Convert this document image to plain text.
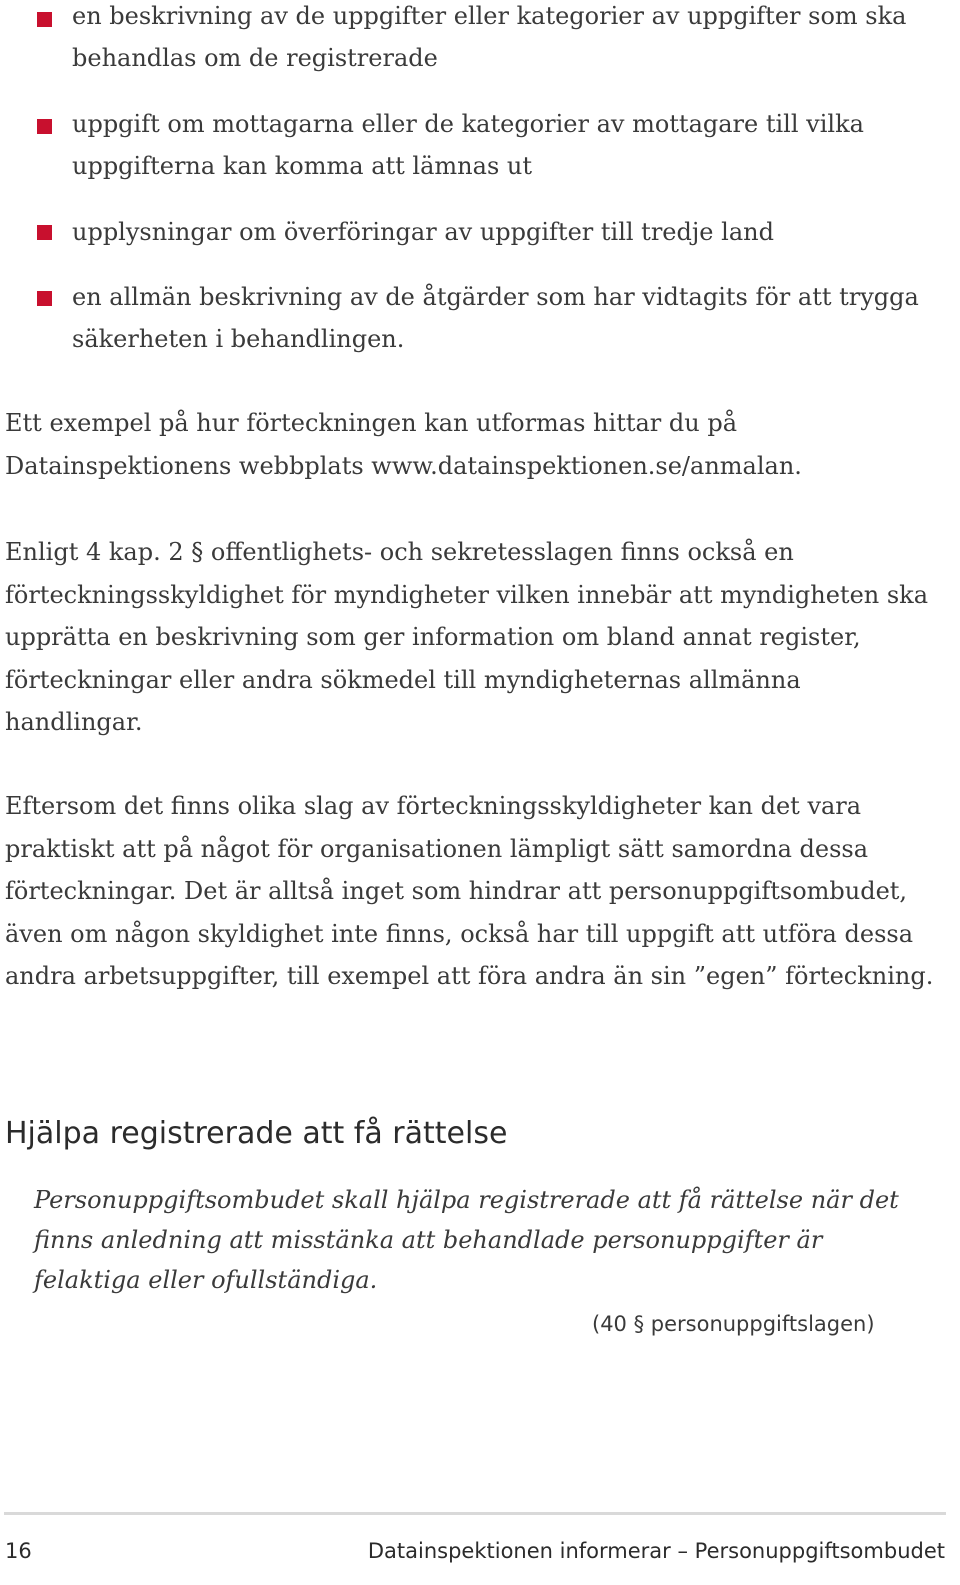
en beskrivning av de uppgifter eller kategorier av uppgifter som ska behandlas om de registrerade
uppgift om mottagarna eller de kategorier av mottagare till vilka uppgifterna kan komma att lämnas ut
upplysningar om överföringar av uppgifter till tredje land
en allmän beskrivning av de åtgärder som har vidtagits för att trygga säkerheten i behandlingen.
Ett exempel på hur förteckningen kan utformas hittar du på Datainspektionens webbplats www.datainspektionen.se/anmalan.
Enligt 4 kap. 2 § offentlighets- och sekretesslagen finns också en förteckningsskyldighet för myndigheter vilken innebär att myndigheten ska upprätta en beskrivning som ger information om bland annat register, förteckningar eller andra sökmedel till myndigheternas allmänna handlingar.
Eftersom det finns olika slag av förteckningsskyldigheter kan det vara praktiskt att på något för organisationen lämpligt sätt samordna dessa förteckningar. Det är alltså inget som hindrar att personuppgiftsombudet, även om någon skyldighet inte finns, också har till uppgift att utföra dessa andra arbetsuppgifter, till exempel att föra andra än sin ”egen” förteckning.
Hjälpa registrerade att få rättelse
Personuppgiftsombudet skall hjälpa registrerade att få rättelse när det finns anledning att misstänka att behandlade personuppgifter är felaktiga eller ofullständiga.
(40 § personuppgiftslagen)
16	Datainspektionen informerar – Personuppgiftsombudet
